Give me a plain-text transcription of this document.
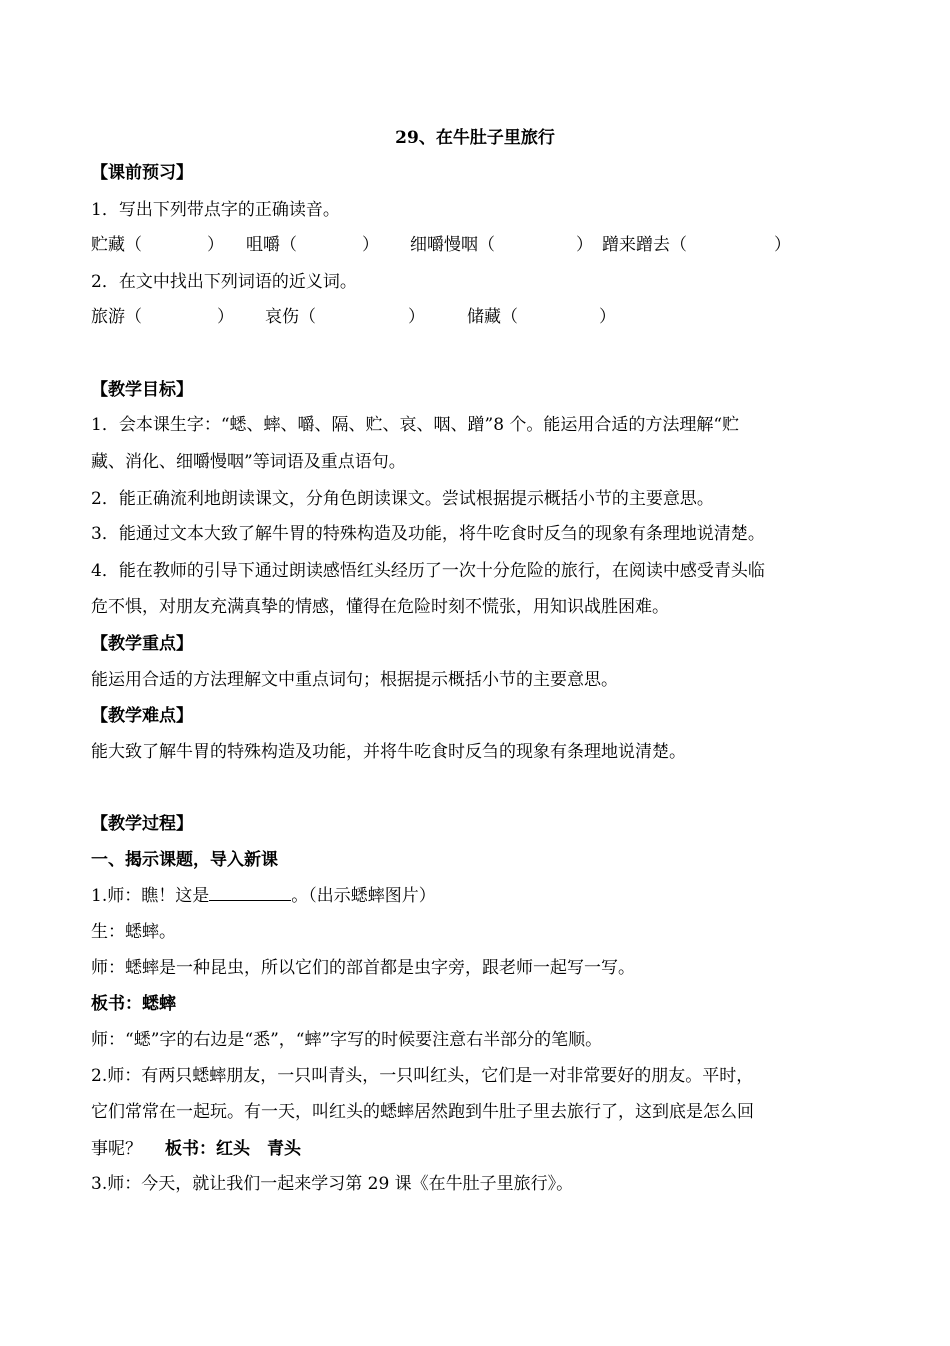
29、在牛肚子里旅行
【课前预习】
1．写出下列带点字的正确读音。
贮藏（	） 咀嚼（	） 细嚼慢咽（	） 蹭来蹭去（	）
2．在文中找出下列词语的近义词。
旅游（	） 哀伤（	） 储藏（	）
【教学目标】
1．会本课生字：“蟋、蟀、嚼、隔、贮、哀、咽、蹭”8 个。能运用合适的方法理解“贮
藏、消化、细嚼慢咽”等词语及重点语句。
2．能正确流利地朗读课文，分角色朗读课文。尝试根据提示概括小节的主要意思。
3．能通过文本大致了解牛胃的特殊构造及功能，将牛吃食时反刍的现象有条理地说清楚。
4．能在教师的引导下通过朗读感悟红头经历了一次十分危险的旅行，在阅读中感受青头临
危不惧，对朋友充满真挚的情感，懂得在危险时刻不慌张，用知识战胜困难。
【教学重点】
能运用合适的方法理解文中重点词句；根据提示概括小节的主要意思。
【教学难点】
能大致了解牛胃的特殊构造及功能，并将牛吃食时反刍的现象有条理地说清楚。
【教学过程】
一、揭示课题，导入新课
1.师：瞧！这是	。（出示蟋蟀图片）
生：蟋蟀。
师：蟋蟀是一种昆虫，所以它们的部首都是虫字旁，跟老师一起写一写。
板书：蟋蟀
师：“蟋”字的右边是“悉”，“蟀”字写的时候要注意右半部分的笔顺。
2.师：有两只蟋蟀朋友，一只叫青头，一只叫红头，它们是一对非常要好的朋友。平时，
它们常常在一起玩。有一天，叫红头的蟋蟀居然跑到牛肚子里去旅行了，这到底是怎么回
事呢？ 板书：红头　青头
3.师：今天，就让我们一起来学习第 29 课《在牛肚子里旅行》。
